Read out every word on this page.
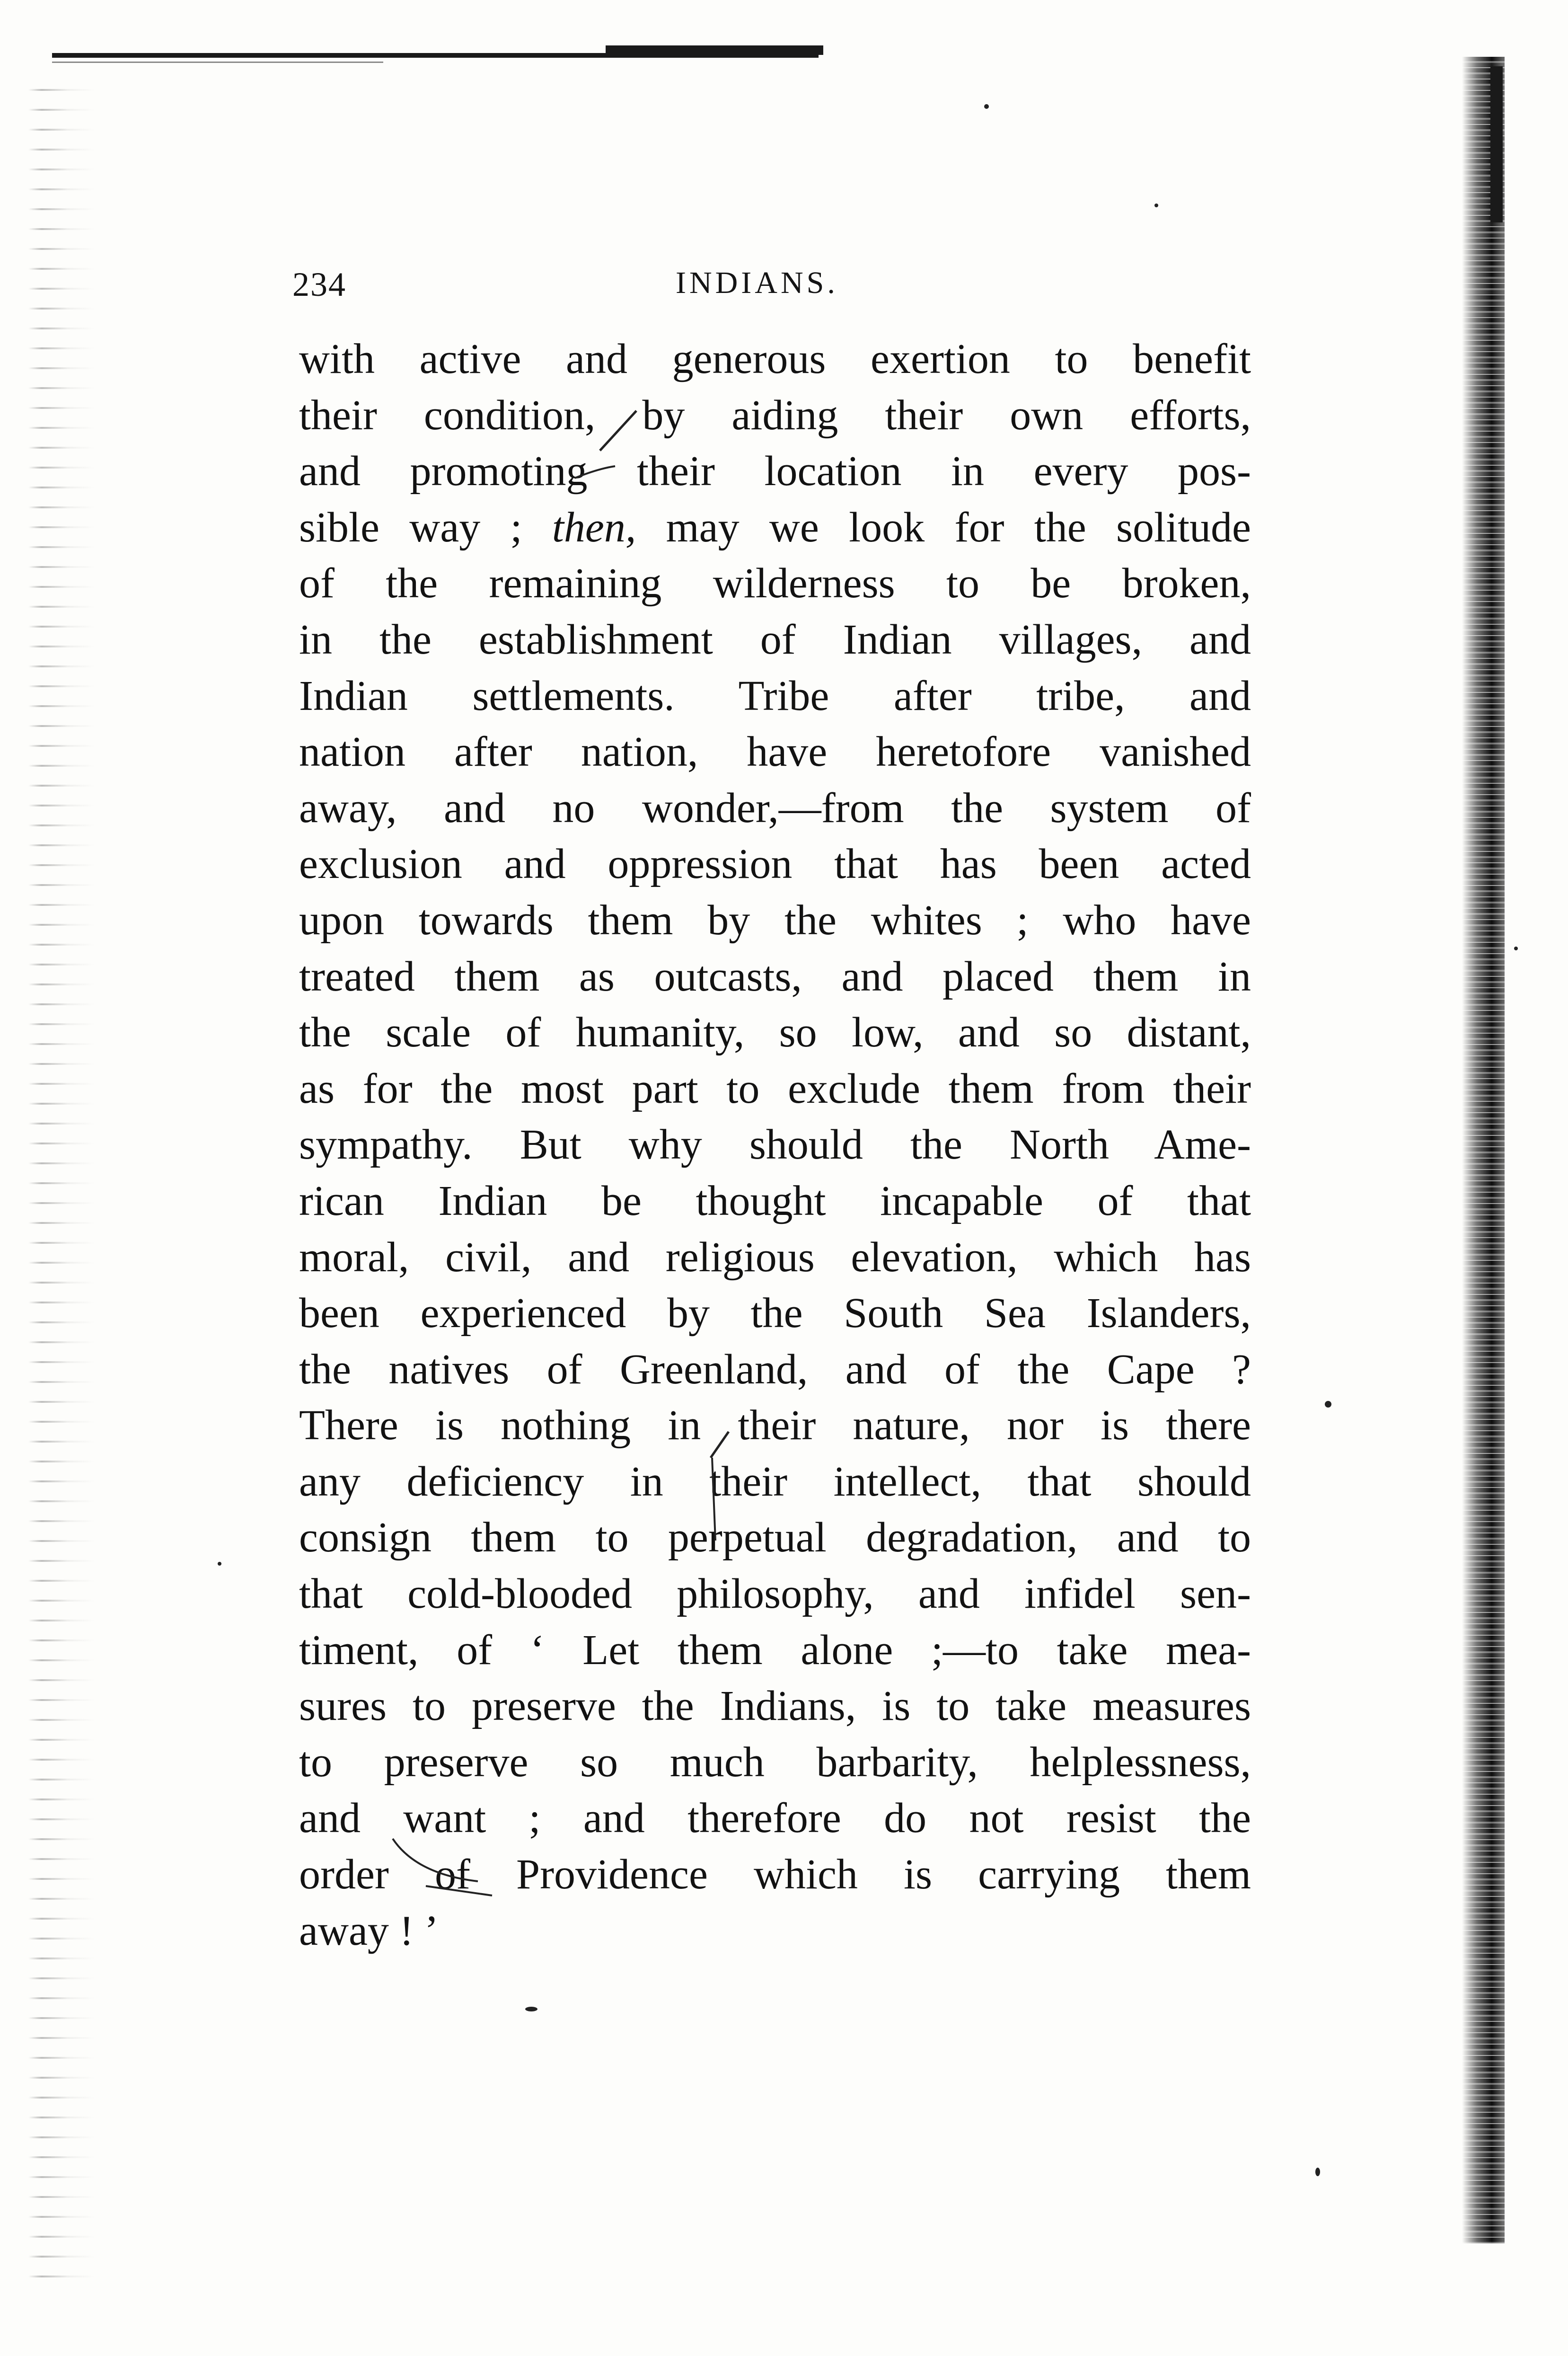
234	INDIANS.
with active and generous exertion to benefit
their condition, by aiding their own efforts,
and promoting their location in every pos-
sible way ; then, may we look for the solitude
of the remaining wilderness to be broken,
in the establishment of Indian villages, and
Indian settlements. Tribe after tribe, and
nation after nation, have heretofore vanished
away, and no wonder,—from the system of
exclusion and oppression that has been acted
upon towards them by the whites ; who have
treated them as outcasts, and placed them in
the scale of humanity, so low, and so distant,
as for the most part to exclude them from their
sympathy. But why should the North Ame-
rican Indian be thought incapable of that
moral, civil, and religious elevation, which has
been experienced by the South Sea Islanders,
the natives of Greenland, and of the Cape ?
There is nothing in their nature, nor is there
any deficiency in their intellect, that should
consign them to perpetual degradation, and to
that cold-blooded philosophy, and infidel sen-
timent, of ‘ Let them alone ;—to take mea-
sures to preserve the Indians, is to take measures
to preserve so much barbarity, helplessness,
and want ; and therefore do not resist the
order of Providence which is carrying them
away ! ’
